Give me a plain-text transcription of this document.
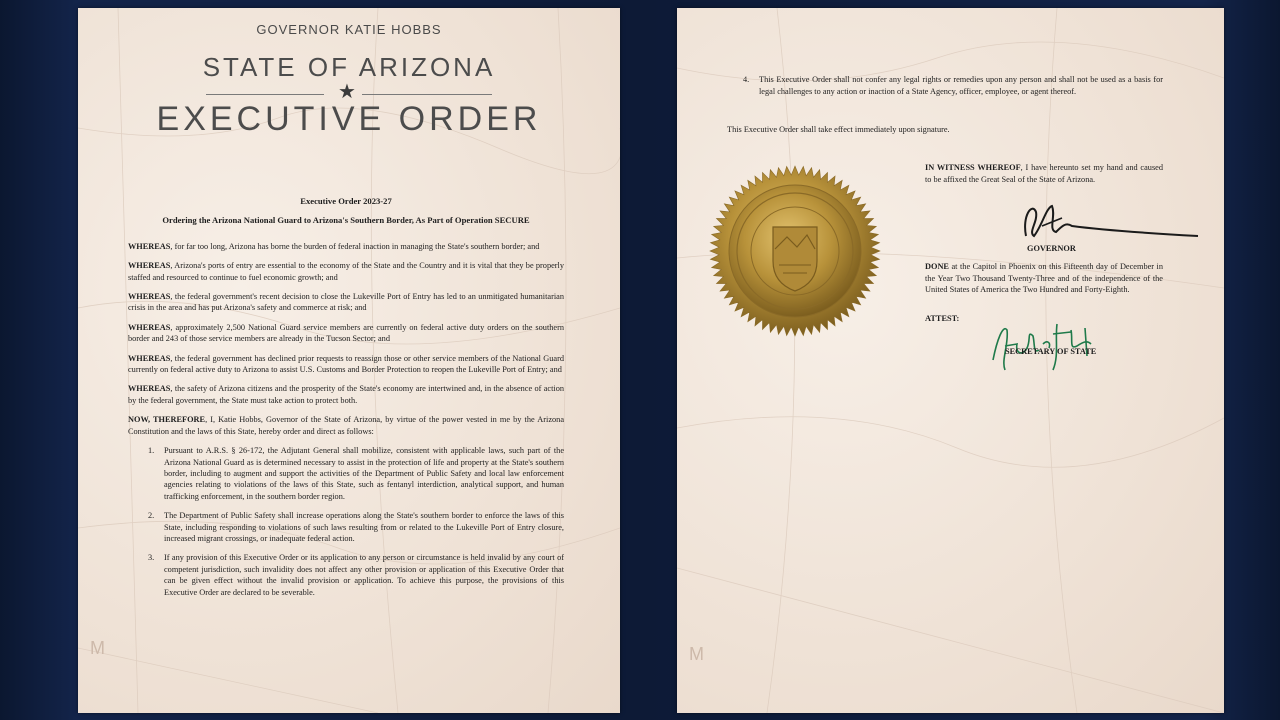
M
GOVERNOR KATIE HOBBS
STATE OF ARIZONA
★
EXECUTIVE ORDER
Executive Order 2023-27
Ordering the Arizona National Guard to Arizona's Southern Border, As Part of Operation SECURE

WHEREAS, for far too long, Arizona has borne the burden of federal inaction in managing the State's southern border; and

WHEREAS, Arizona's ports of entry are essential to the economy of the State and the Country and it is vital that they be properly staffed and resourced to continue to fuel economic growth; and

WHEREAS, the federal government's recent decision to close the Lukeville Port of Entry has led to an unmitigated humanitarian crisis in the area and has put Arizona's safety and commerce at risk; and

WHEREAS, approximately 2,500 National Guard service members are currently on federal active duty orders on the southern border and 243 of those service members are already in the Tucson Sector; and

WHEREAS, the federal government has declined prior requests to reassign those or other service members of the National Guard currently on federal active duty to Arizona to assist U.S. Customs and Border Protection to reopen the Lukeville Port of Entry; and

WHEREAS, the safety of Arizona citizens and the prosperity of the State's economy are intertwined and, in the absence of action by the federal government, the State must take action to protect both.

NOW, THEREFORE, I, Katie Hobbs, Governor of the State of Arizona, by virtue of the power vested in me by the Arizona Constitution and the laws of this State, hereby order and direct as follows:

1.	Pursuant to A.R.S. § 26-172, the Adjutant General shall mobilize, consistent with applicable laws, such part of the Arizona National Guard as is determined necessary to assist in the protection of life and property at the State's southern border, including to augment and support the activities of the Department of Public Safety and local law enforcement agencies relating to violations of the laws of this State, such as fentanyl interdiction, analytical support, and human trafficking enforcement, in the southern border region.
2.	The Department of Public Safety shall increase operations along the State's southern border to enforce the laws of this State, including responding to violations of such laws resulting from or related to the Lukeville Port of Entry closure, increased migrant crossings, or inadequate federal action.
3.	If any provision of this Executive Order or its application to any person or circumstance is held invalid by any court of competent jurisdiction, such invalidity does not affect any other provision or application of this Executive Order that can be given effect without the invalid provision or application. To achieve this purpose, the provisions of this Executive Order are declared to be severable.
M
4.	This Executive Order shall not confer any legal rights or remedies upon any person and shall not be used as a basis for legal challenges to any action or inaction of a State Agency, officer, employee, or agent thereof.
This Executive Order shall take effect immediately upon signature.
IN WITNESS WHEREOF, I have hereunto set my hand and caused to be affixed the Great Seal of the State of Arizona.
GOVERNOR
DONE at the Capitol in Phoenix on this Fifteenth day of December in the Year Two Thousand Twenty-Three and of the independence of the United States of America the Two Hundred and Forty-Eighth.
ATTEST:
SECRETARY OF STATE
